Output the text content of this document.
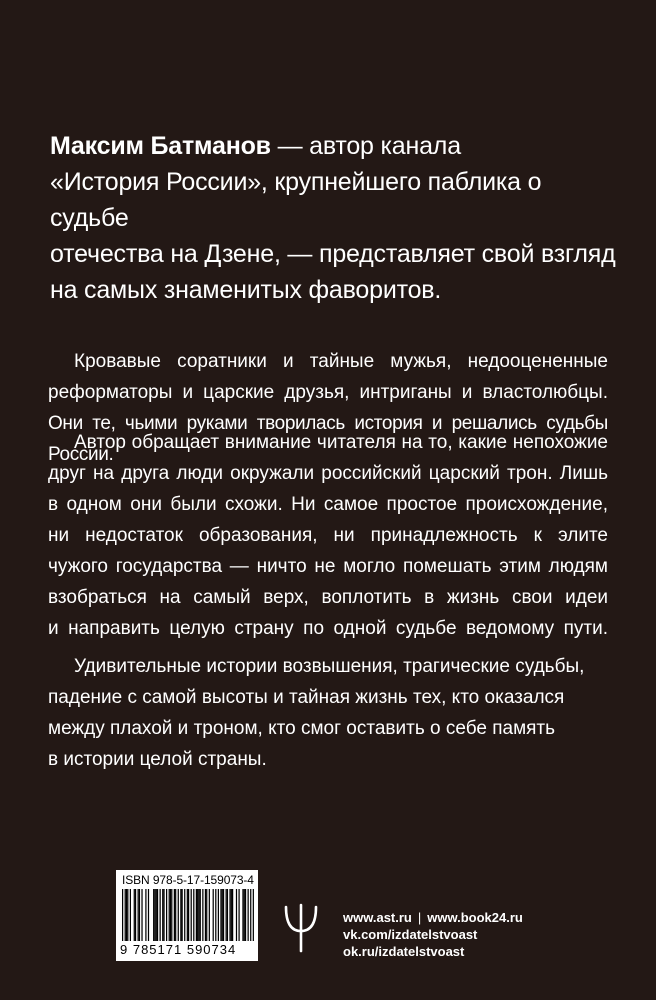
Максим Батманов — автор канала
«История России», крупнейшего паблика о судьбе
отечества на Дзене, — представляет свой взгляд
на самых знаменитых фаворитов.
Кровавые соратники и тайные мужья, недооцененные
реформаторы и царские друзья, интриганы и властолюбцы.
Они те, чьими руками творилась история и решались судьбы России.
Автор обращает внимание читателя на то, какие непохожие
друг на друга люди окружали российский царский трон. Лишь
в одном они были схожи. Ни самое простое происхождение,
ни недостаток образования, ни принадлежность к элите
чужого государства — ничто не могло помешать этим людям
взобраться на самый верх, воплотить в жизнь свои идеи
и направить целую страну по одной судьбе ведомому пути.
Удивительные истории возвышения, трагические судьбы,
падение с самой высоты и тайная жизнь тех, кто оказался
между плахой и троном, кто смог оставить о себе память
в истории целой страны.
ISBN 978-5-17-159073-4
9 785171 590734
www.ast.ru | www.book24.ru
vk.com/izdatelstvoast
ok.ru/izdatelstvoast
